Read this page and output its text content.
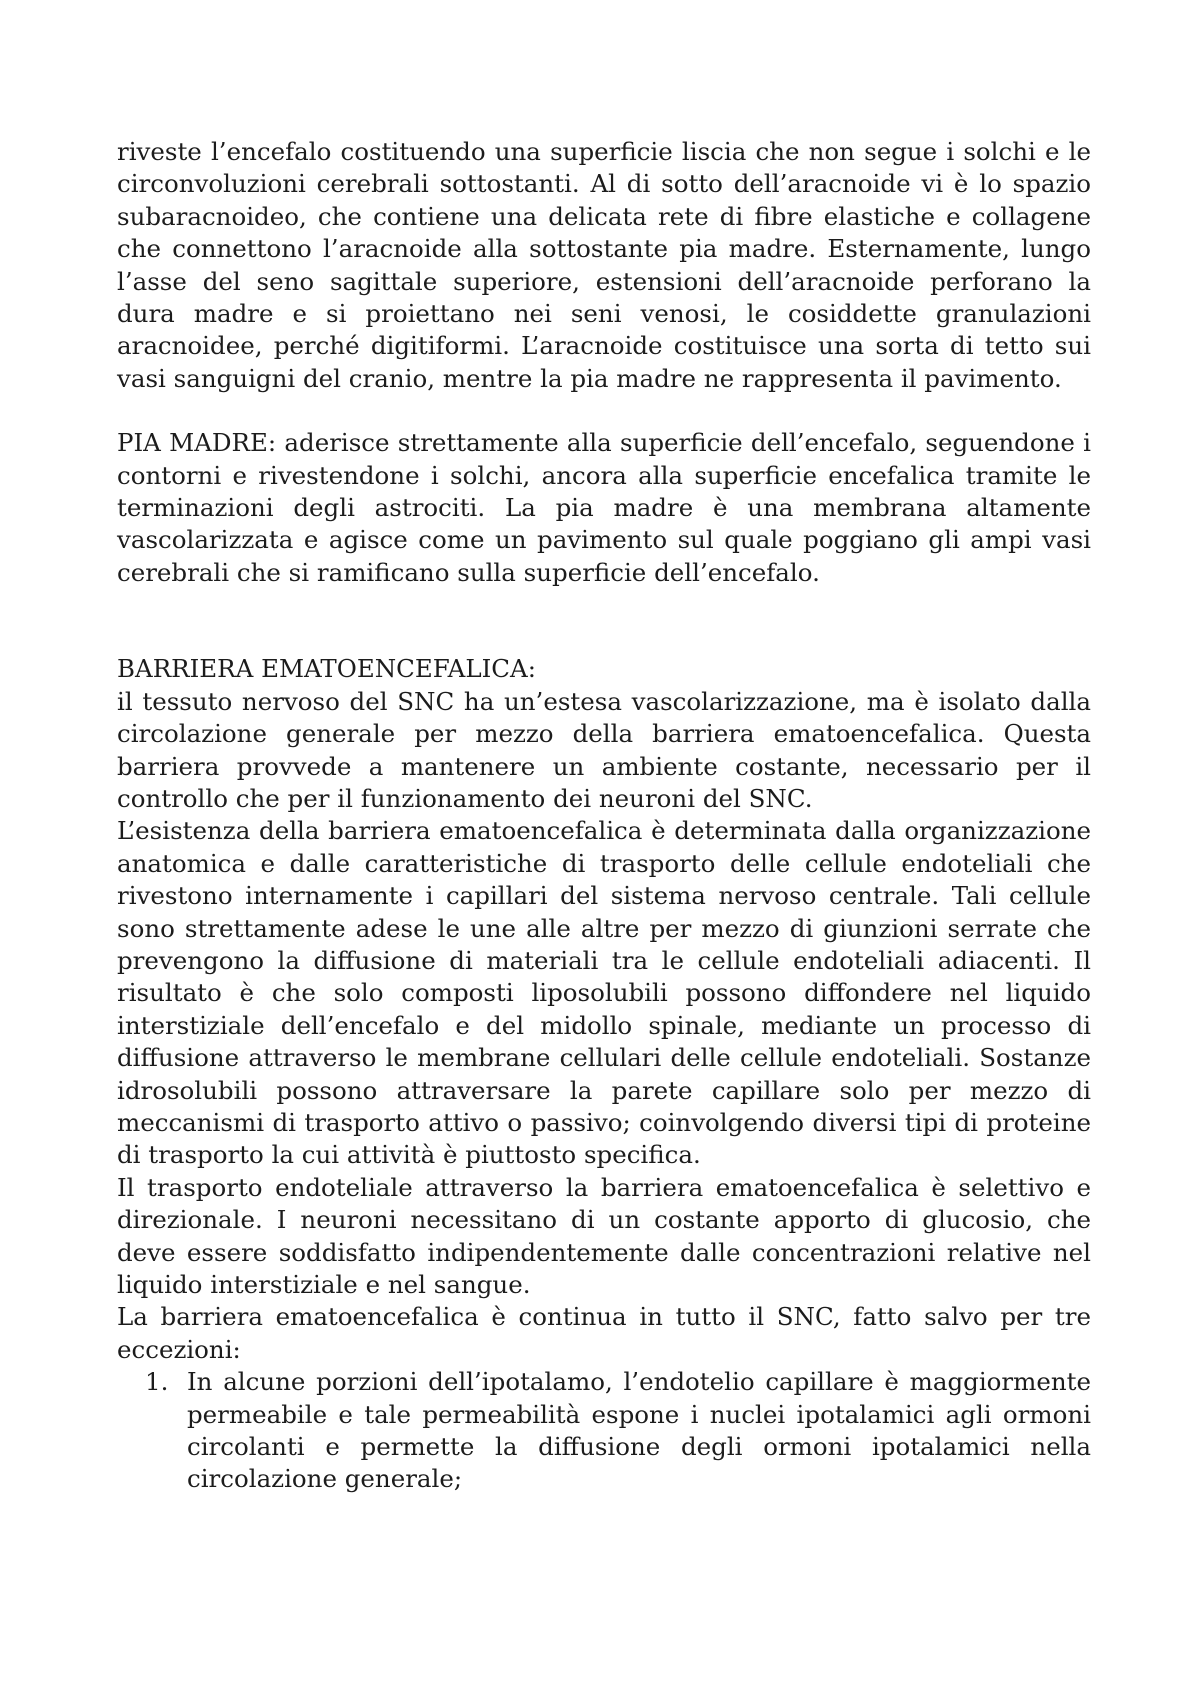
riveste l’encefalo costituendo una superficie liscia che non segue i solchi e le circonvoluzioni cerebrali sottostanti. Al di sotto dell’aracnoide vi è lo spazio subaracnoideo, che contiene una delicata rete di fibre elastiche e collagene che connettono l’aracnoide alla sottostante pia madre. Esternamente, lungo l’asse del seno sagittale superiore, estensioni dell’aracnoide perforano la dura madre e si proiettano nei seni venosi, le cosiddette granulazioni aracnoidee, perché digitiformi. L’aracnoide costituisce una sorta di tetto sui vasi sanguigni del cranio, mentre la pia madre ne rappresenta il pavimento.

PIA MADRE: aderisce strettamente alla superficie dell’encefalo, seguendone i contorni e rivestendone i solchi, ancora alla superficie encefalica tramite le terminazioni degli astrociti. La pia madre è una membrana altamente vascolarizzata e agisce come un pavimento sul quale poggiano gli ampi vasi cerebrali che si ramificano sulla superficie dell’encefalo.

BARRIERA EMATOENCEFALICA:

il tessuto nervoso del SNC ha un’estesa vascolarizzazione, ma è isolato dalla circolazione generale per mezzo della barriera ematoencefalica. Questa barriera provvede a mantenere un ambiente costante, necessario per il controllo che per il funzionamento dei neuroni del SNC.

L’esistenza della barriera ematoencefalica è determinata dalla organizzazione anatomica e dalle caratteristiche di trasporto delle cellule endoteliali che rivestono internamente i capillari del sistema nervoso centrale. Tali cellule sono strettamente adese le une alle altre per mezzo di giunzioni serrate che prevengono la diffusione di materiali tra le cellule endoteliali adiacenti. Il risultato è che solo composti liposolubili possono diffondere nel liquido interstiziale dell’encefalo e del midollo spinale, mediante un processo di diffusione attraverso le membrane cellulari delle cellule endoteliali. Sostanze idrosolubili possono attraversare la parete capillare solo per mezzo di meccanismi di trasporto attivo o passivo; coinvolgendo diversi tipi di proteine di trasporto la cui attività è piuttosto specifica.

Il trasporto endoteliale attraverso la barriera ematoencefalica è selettivo e direzionale. I neuroni necessitano di un costante apporto di glucosio, che deve essere soddisfatto indipendentemente dalle concentrazioni relative nel liquido interstiziale e nel sangue.

La barriera ematoencefalica è continua in tutto il SNC, fatto salvo per tre eccezioni:

1. In alcune porzioni dell’ipotalamo, l’endotelio capillare è maggiormente permeabile e tale permeabilità espone i nuclei ipotalamici agli ormoni circolanti e permette la diffusione degli ormoni ipotalamici nella circolazione generale;
